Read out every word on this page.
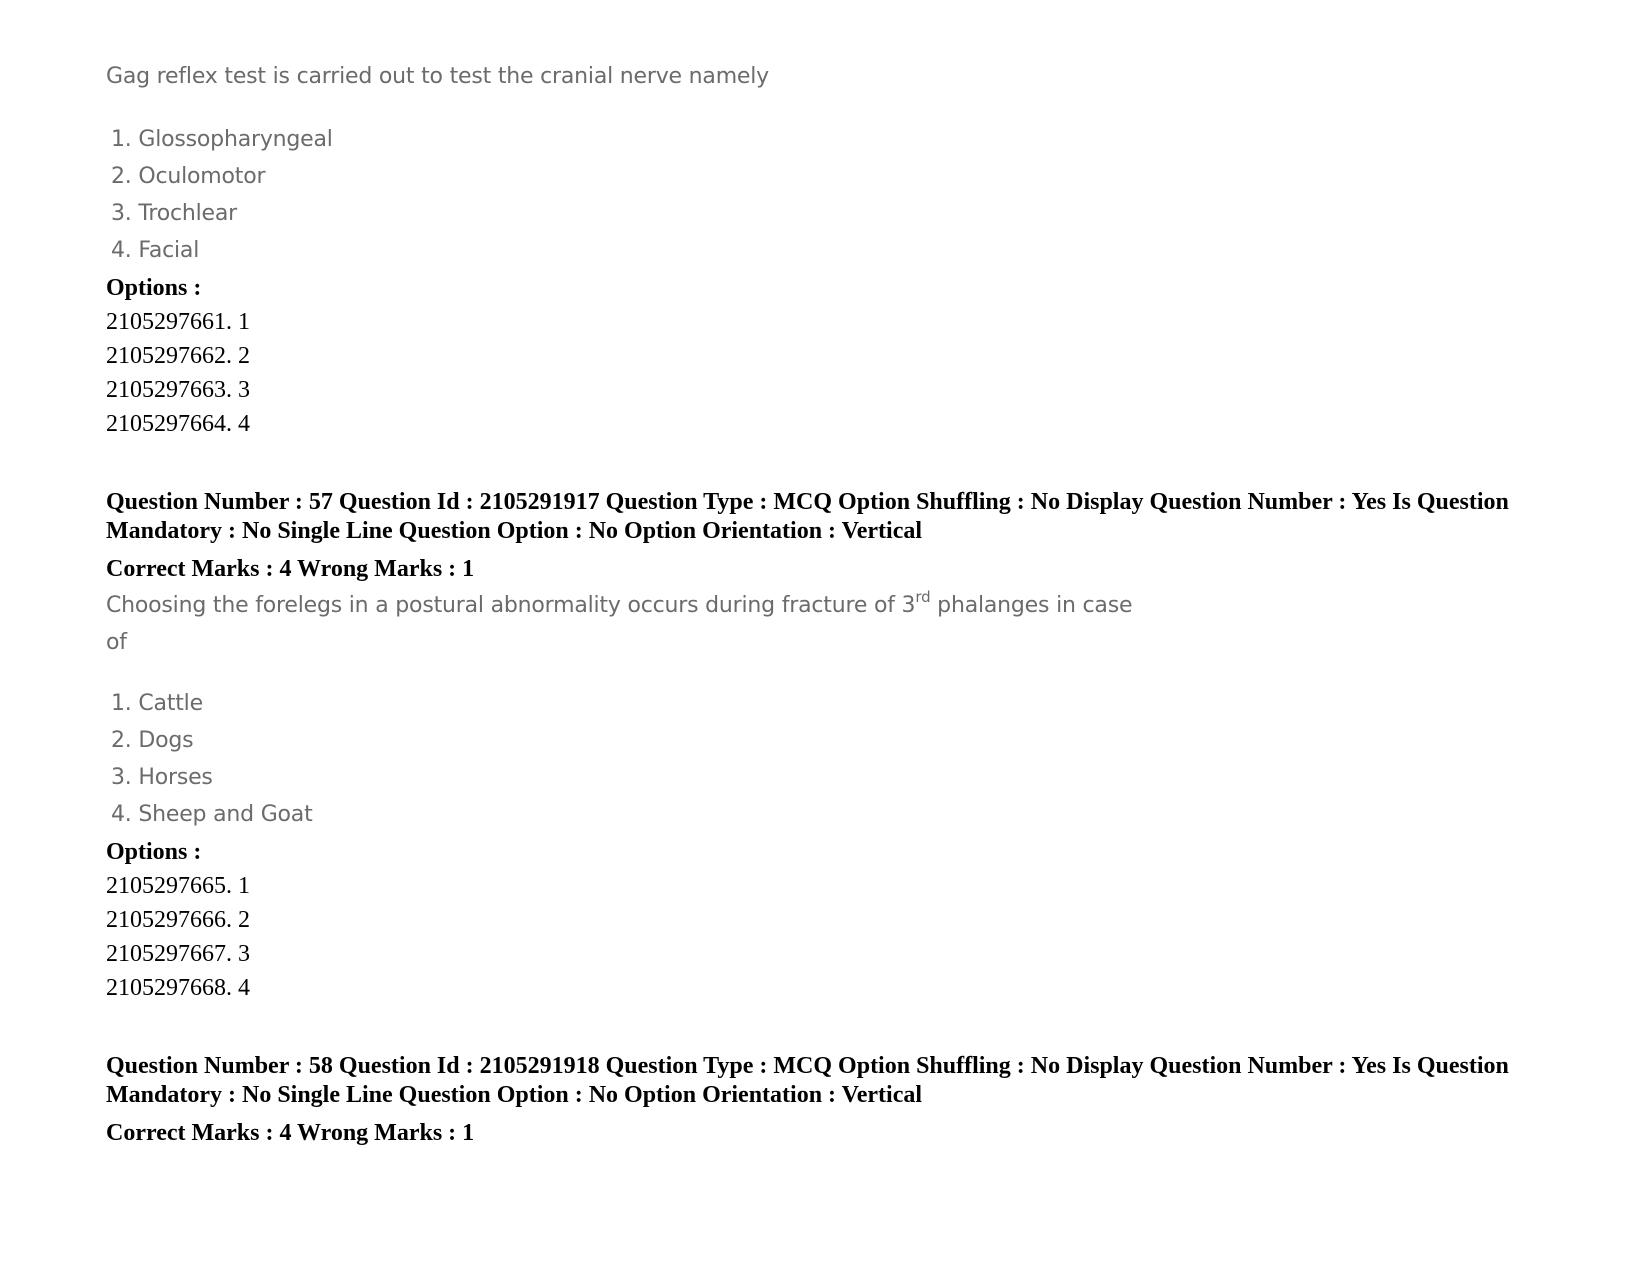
Gag reflex test is carried out to test the cranial nerve namely
1. Glossopharyngeal
2. Oculomotor
3. Trochlear
4. Facial
Options :
2105297661. 1
2105297662. 2
2105297663. 3
2105297664. 4
Question Number : 57 Question Id : 2105291917 Question Type : MCQ Option Shuffling : No Display Question Number : Yes Is Question Mandatory : No Single Line Question Option : No Option Orientation : Vertical
Correct Marks : 4 Wrong Marks : 1
Choosing the forelegs in a postural abnormality occurs during fracture of 3rd phalanges in case
of
1. Cattle
2. Dogs
3. Horses
4. Sheep and Goat
Options :
2105297665. 1
2105297666. 2
2105297667. 3
2105297668. 4
Question Number : 58 Question Id : 2105291918 Question Type : MCQ Option Shuffling : No Display Question Number : Yes Is Question Mandatory : No Single Line Question Option : No Option Orientation : Vertical
Correct Marks : 4 Wrong Marks : 1
